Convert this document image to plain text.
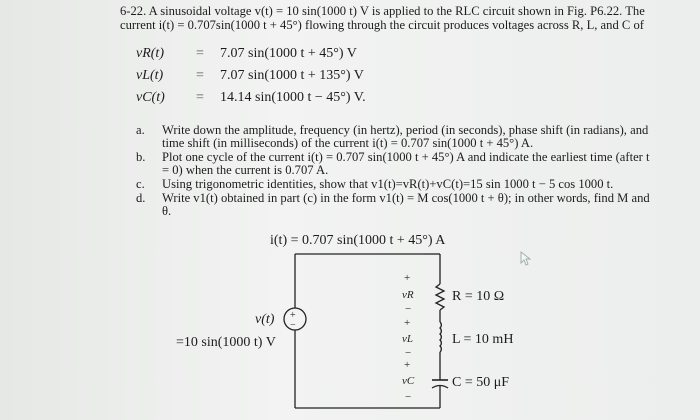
6-22. A sinusoidal voltage v(t) = 10 sin(1000 t) V is applied to the RLC circuit shown in Fig. P6.22. The
current i(t) = 0.707sin(1000 t + 45°) flowing through the circuit produces voltages across R, L, and C of
vR(t) = 7.07 sin(1000 t + 45°) V
vL(t) = 7.07 sin(1000 t + 135°) V
vC(t) = 14.14 sin(1000 t − 45°) V.
a. Write down the amplitude, frequency (in hertz), period (in seconds), phase shift (in radians), and
time shift (in milliseconds) of the current i(t) = 0.707 sin(1000 t + 45°) A.
b. Plot one cycle of the current i(t) = 0.707 sin(1000 t + 45°) A and indicate the earliest time (after t
= 0) when the current is 0.707 A.
c. Using trigonometric identities, show that v1(t)=vR(t)+vC(t)=15 sin 1000 t − 5 cos 1000 t.
d. Write v1(t) obtained in part (c) in the form v1(t) = M cos(1000 t + θ); in other words, find M and
θ.
i(t) = 0.707 sin(1000 t + 45°) A
+
−
v(t)
=10 sin(1000 t) V
R = 10 Ω
L = 10 mH
C = 50 μF
+
vR
−
+
vL
−
+
vC
−
